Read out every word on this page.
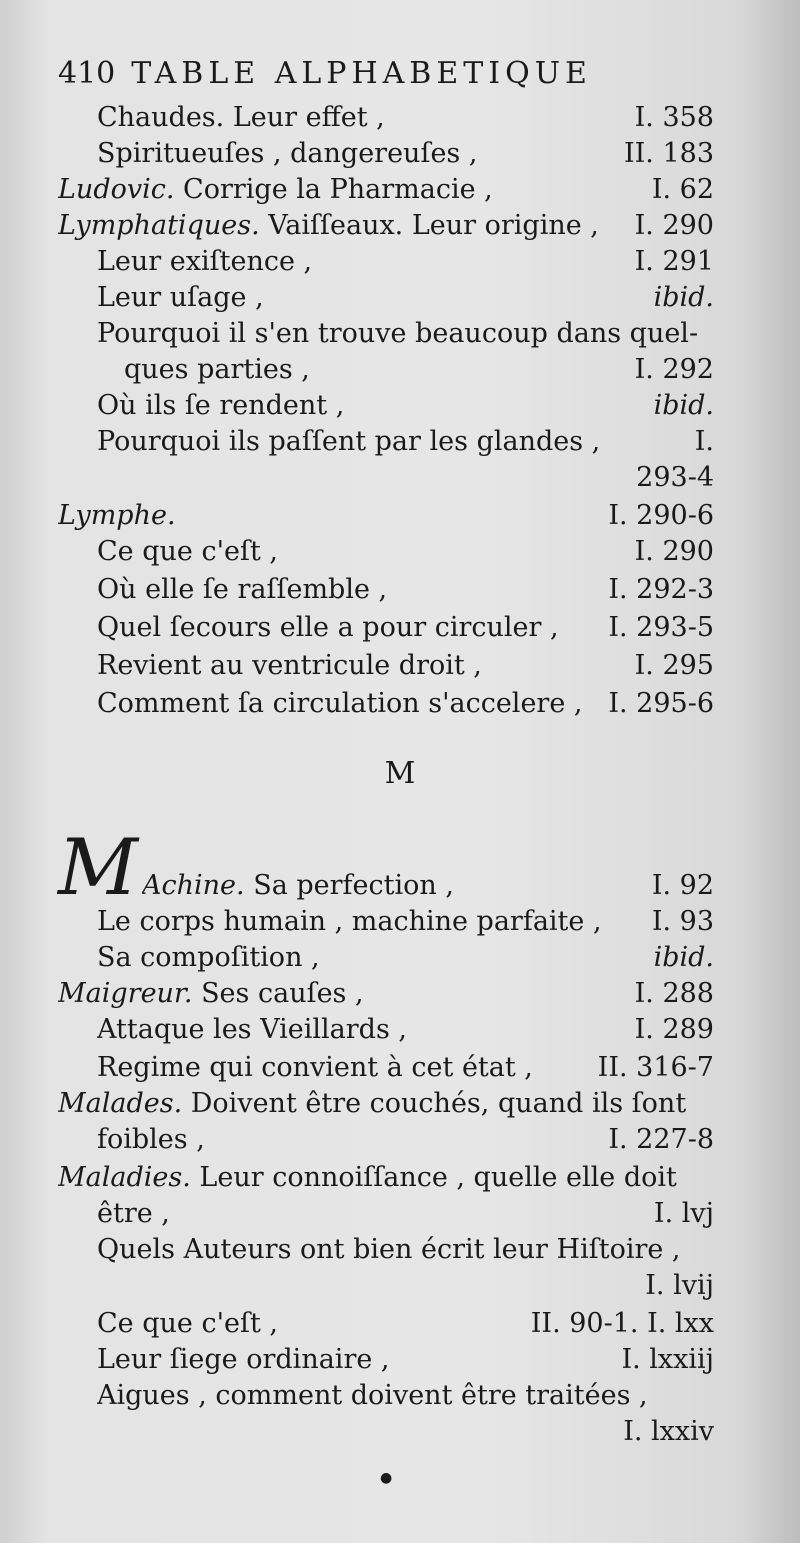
410 TABLE ALPHABETIQUE
Chaudes. Leur effet ,	I. 358
Spiritueuſes , dangereuſes ,	II. 183
Ludovic. Corrige la Pharmacie ,	I. 62
Lymphatiques. Vaiſſeaux. Leur origine ,	I. 290
Leur exiſtence ,	I. 291
Leur uſage ,	ibid.
Pourquoi il s'en trouve beaucoup dans quel-
ques parties ,	I. 292
Où ils ſe rendent ,	ibid.
Pourquoi ils paſſent par les glandes ,	I.
293-4
Lymphe.	I. 290-6
Ce que c'eſt ,	I. 290
Où elle ſe raſſemble ,	I. 292-3
Quel ſecours elle a pour circuler ,	I. 293-5
Revient au ventricule droit ,	I. 295
Comment ſa circulation s'accelere , I. 295-6
M
M Achine. Sa perfection ,	I. 92
Le corps humain , machine parfaite ,	I. 93
Sa compoſition ,	ibid.
Maigreur. Ses cauſes ,	I. 288
Attaque les Vieillards ,	I. 289
Regime qui convient à cet état ,	II. 316-7
Malades. Doivent être couchés, quand ils ſont
foibles ,	I. 227-8
Maladies. Leur connoiſſance , quelle elle doit
être ,	I. lvj
Quels Auteurs ont bien écrit leur Hiſtoire ,
I. lvij
Ce que c'eſt ,	II. 90-1. I. lxx
Leur ſiege ordinaire ,	I. lxxiij
Aigues , comment doivent être traitées ,
I. lxxiv
●
